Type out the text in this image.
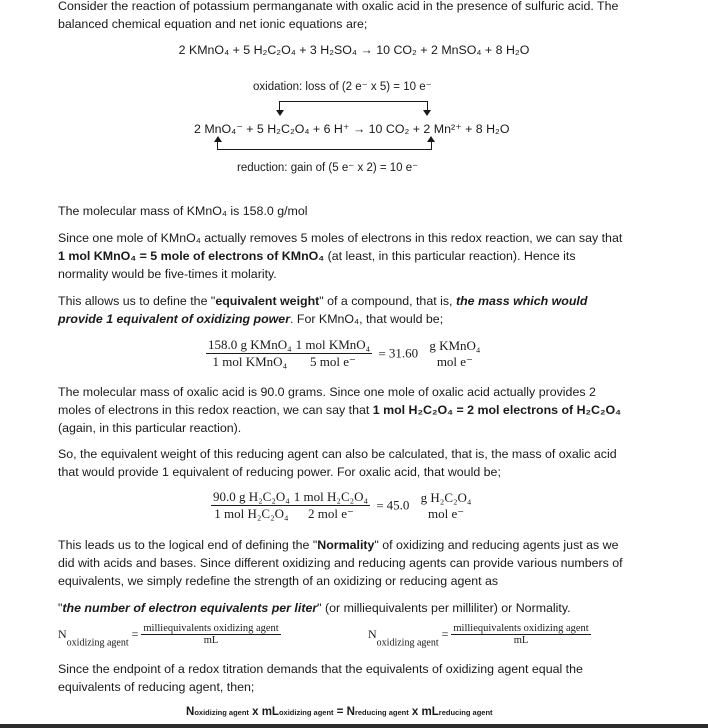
Consider the reaction of potassium permanganate with oxalic acid in the presence of sulfuric acid. The balanced chemical equation and net ionic equations are;
2 KMnO₄ + 5 H₂C₂O₄ + 3 H₂SO₄ → 10 CO₂ + 2 MnSO₄ + 8 H₂O
oxidation: loss of (2 e⁻ x 5) = 10 e⁻
2 MnO₄⁻ + 5 H₂C₂O₄ + 6 H⁺ → 10 CO₂ + 2 Mn²⁺ + 8 H₂O
reduction: gain of (5 e⁻ x 2) = 10 e⁻
The molecular mass of KMnO₄ is 158.0 g/mol
Since one mole of KMnO₄ actually removes 5 moles of electrons in this redox reaction, we can say that 1 mol KMnO₄ = 5 mole of electrons of KMnO₄ (at least, in this particular reaction). Hence its normality would be five-times it molarity.
This allows us to define the "equivalent weight" of a compound, that is, the mass which would provide 1 equivalent of oxidizing power. For KMnO₄, that would be;
$\frac{\text{158.0 g KMnO₄}}{\text{1 mol KMnO₄}} \frac{\text{1 mol KMnO₄}}{\text{5 mol e⁻}} = 31.60$
g KMnO₄
mol e⁻
The molecular mass of oxalic acid is 90.0 grams. Since one mole of oxalic acid actually provides 2 moles of electrons in this redox reaction, we can say that 1 mol H₂C₂O₄ = 2 mol electrons of H₂C₂O₄ (again, in this particular reaction).
So, the equivalent weight of this reducing agent can also be calculated, that is, the mass of oxalic acid that would provide 1 equivalent of reducing power. For oxalic acid, that would be;
$\frac{\text{90.0 g H₂C₂O₄}}{\text{1 mol H₂C₂O₄}} \frac{\text{1 mol H₂C₂O₄}}{\text{2 mol e⁻}} = 45.0$
g H₂C₂O₄
mol e⁻
This leads us to the logical end of defining the "Normality" of oxidizing and reducing agents just as we did with acids and bases. Since different oxidizing and reducing agents can provide various numbers of equivalents, we simply redefine the strength of an oxidizing or reducing agent as
"the number of electron equivalents per liter" (or milliequivalents per milliliter) or Normality.
$N_{oxidizing agent}= \frac{\text{milliequivalents oxidizing agent}}{mL}$	$N_{oxidizing agent}= \frac{\text{milliequivalents oxidizing agent}}{mL}$
Since the endpoint of a redox titration demands that the equivalents of oxidizing agent equal the equivalents of reducing agent, then;
Noxidizing agent x mLoxidizing agent = Nreducing agent x mLreducing agent
